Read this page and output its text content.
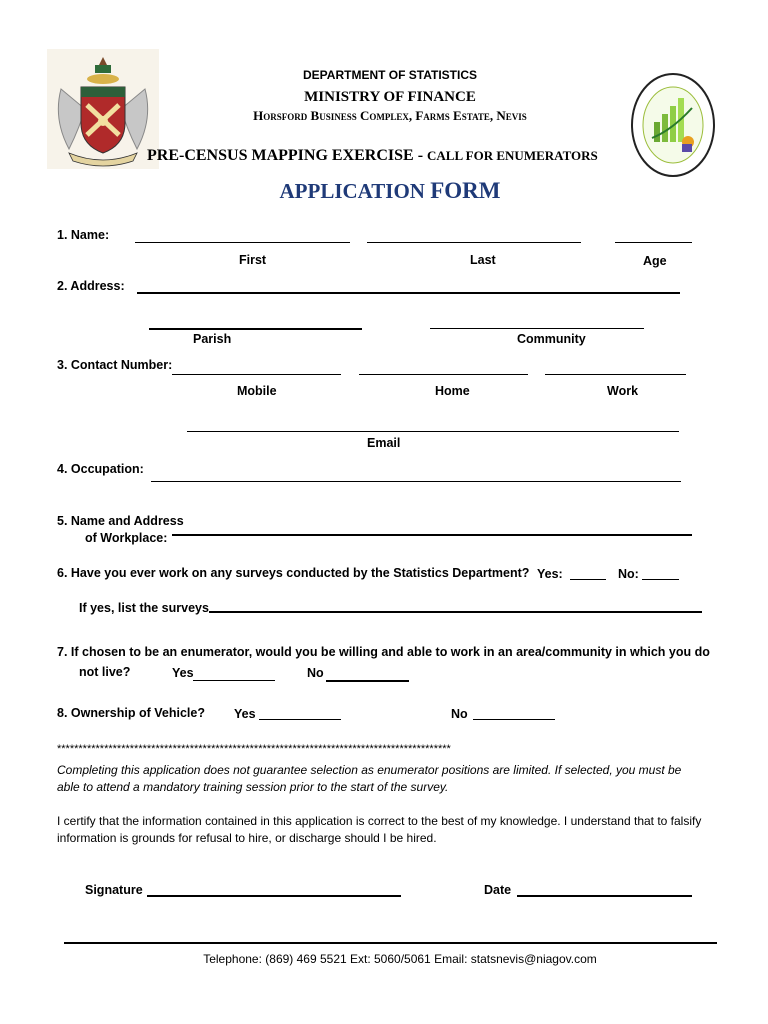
DEPARTMENT OF STATISTICS
MINISTRY OF FINANCE
Horsford Business Complex, Farms Estate, Nevis
PRE-CENSUS MAPPING EXERCISE - CALL FOR ENUMERATORS
APPLICATION FORM
1. Name:
First	Last	Age
2. Address:
Parish	Community
3. Contact Number:
Mobile	Home	Work
Email
4. Occupation:
5. Name and Address
of Workplace:
6. Have you ever work on any surveys conducted by the Statistics Department? Yes:	No:
If yes, list the surveys
7. If chosen to be an enumerator, would you be willing and able to work in an area/community in which you do
not live?	Yes	No
8. Ownership of Vehicle? Yes	No
********************************************************************************************
Completing this application does not guarantee selection as enumerator positions are limited. If selected, you must be able to attend a mandatory training session prior to the start of the survey.
I certify that the information contained in this application is correct to the best of my knowledge. I understand that to falsify information is grounds for refusal to hire, or discharge should I be hired.
Signature	Date
Telephone: (869) 469 5521 Ext: 5060/5061 Email: statsnevis@niagov.com
